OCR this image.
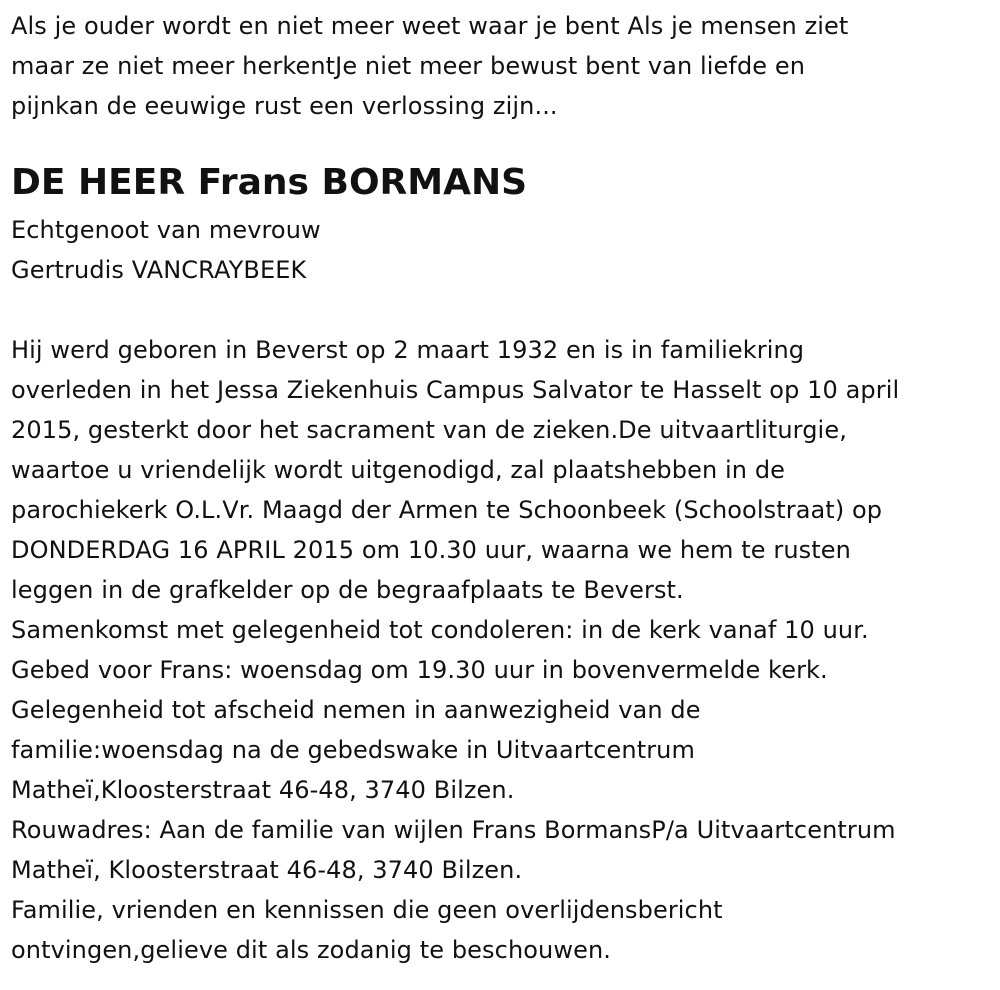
Als je ouder wordt en niet meer weet waar je bent Als je mensen ziet
maar ze niet meer herkentJe niet meer bewust bent van liefde en
pijnkan de eeuwige rust een verlossing zijn...
DE HEER Frans BORMANS
Echtgenoot van mevrouw
Gertrudis VANCRAYBEEK
Hij werd geboren in Beverst op 2 maart 1932 en is in familiekring
overleden in het Jessa Ziekenhuis Campus Salvator te Hasselt op 10 april
2015, gesterkt door het sacrament van de zieken.De uitvaartliturgie,
waartoe u vriendelijk wordt uitgenodigd, zal plaatshebben in de
parochiekerk O.L.Vr. Maagd der Armen te Schoonbeek (Schoolstraat) op
DONDERDAG 16 APRIL 2015 om 10.30 uur, waarna we hem te rusten
leggen in de grafkelder op de begraafplaats te Beverst.
Samenkomst met gelegenheid tot condoleren: in de kerk vanaf 10 uur.
Gebed voor Frans: woensdag om 19.30 uur in bovenvermelde kerk.
Gelegenheid tot afscheid nemen in aanwezigheid van de
familie:woensdag na de gebedswake in Uitvaartcentrum
Matheï,Kloosterstraat 46-48, 3740 Bilzen.
Rouwadres: Aan de familie van wijlen Frans BormansP/a Uitvaartcentrum
Matheï, Kloosterstraat 46-48, 3740 Bilzen.
Familie, vrienden en kennissen die geen overlijdensbericht
ontvingen,gelieve dit als zodanig te beschouwen.
